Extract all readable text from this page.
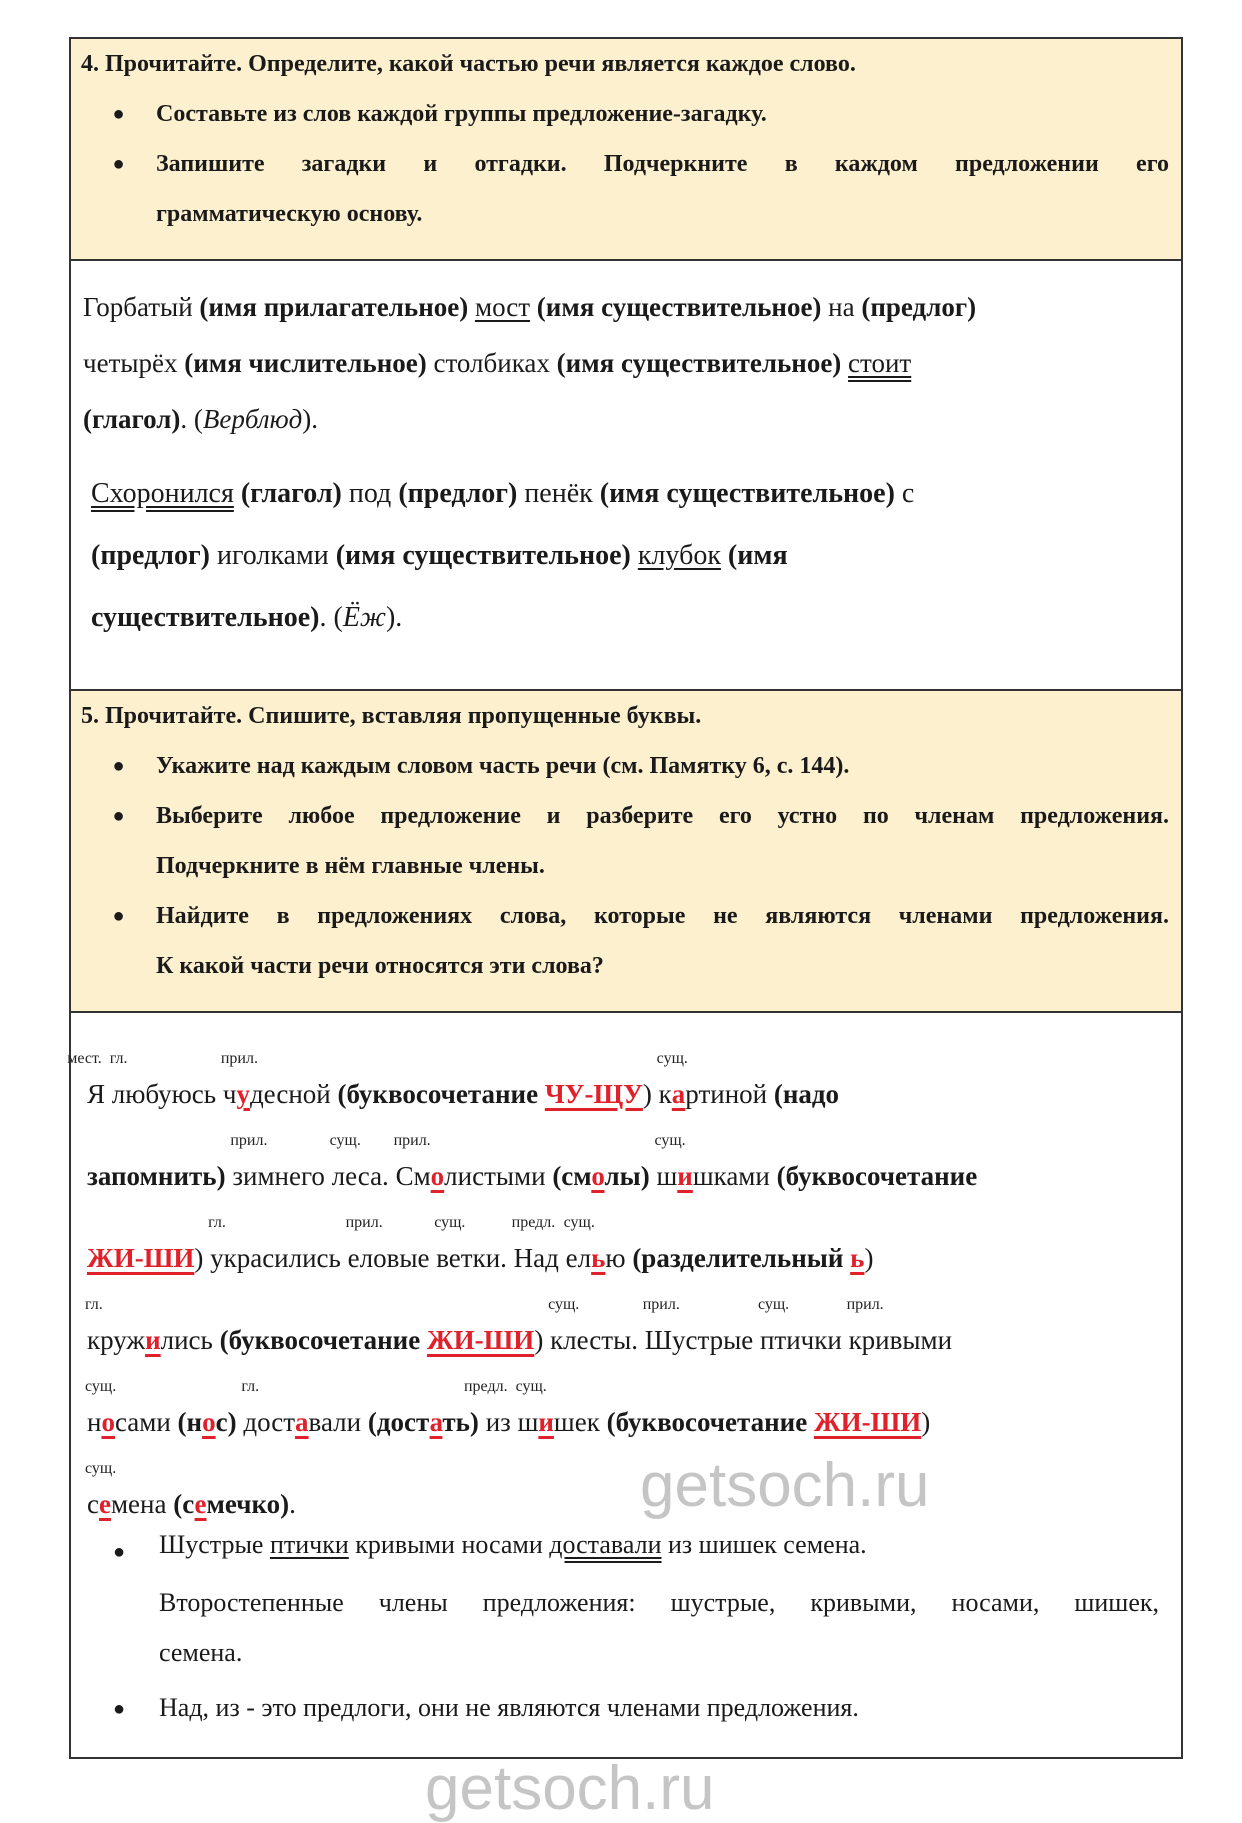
4. Прочитайте. Определите, какой частью речи является каждое слово.
●	Составьте из слов каждой группы предложение-загадку.
●	Запишите загадки и отгадки. Подчеркните в каждом предложении его
грамматическую основу.
Горбатый (имя прилагательное) мост (имя существительное) на (предлог)
четырёх (имя числительное) столбиках (имя существительное) стоит
(глагол). (Верблюд).
Схоронился (глагол) под (предлог) пенёк (имя существительное) с
(предлог) иголками (имя существительное) клубок (имя
существительное). (Ёж).
5. Прочитайте. Спишите, вставляя пропущенные буквы.
●	Укажите над каждым словом часть речи (см. Памятку 6, с. 144).
●	Выберите любое предложение и разберите его устно по членам предложения.
Подчеркните в нём главные члены.
●	Найдите в предложениях слова, которые не являются членами предложения.
К какой части речи относятся эти слова?
мест.
Я
гл.
любуюсь
прил.
чудесной (буквосочетание ЧУ-ЩУ)
сущ.
картиной (надо
запомнить)
прил.
зимнего
сущ.
леса.
прил.
Смолистыми (смолы)
сущ.
шишками (буквосочетание
ЖИ-ШИ)
гл.
украсились
прил.
еловые
сущ.
ветки.
предл.
Над
сущ.
елью (разделительный ь)
гл.
кружились (буквосочетание ЖИ-ШИ)
сущ.
клесты.
прил.
Шустрые
сущ.
птички
прил.
кривыми
сущ.
носами (нос)
гл.
доставали (достать)
предл.
из
сущ.
шишек (буквосочетание ЖИ-ШИ)
сущ.
семена (семечко).
● Шустрые птички кривыми носами доставали из шишек семена.
Второстепенные члены предложения: шустрые, кривыми, носами, шишек,
семена.
● Над, из - это предлоги, они не являются членами предложения.
getsoch.ru
getsoch.ru
